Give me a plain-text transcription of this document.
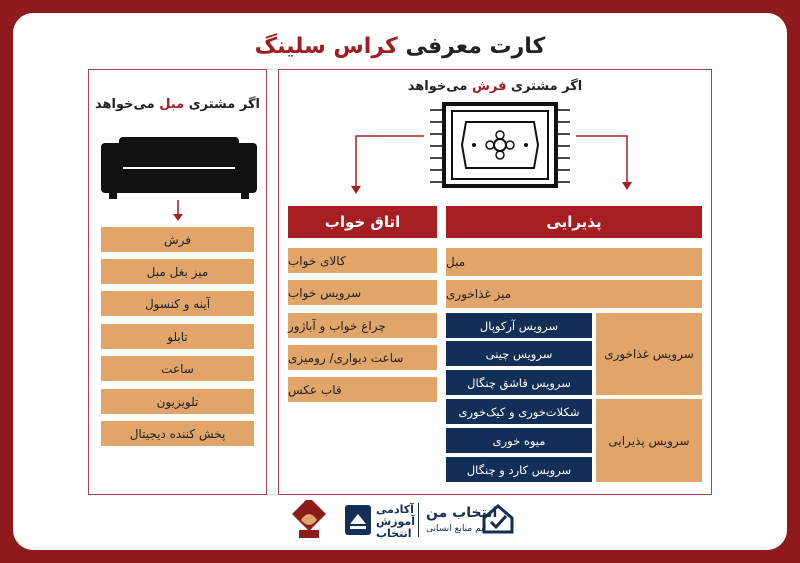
کارت معرفی کراس سلینگ
اگر مشتری مبل می‌خواهد
فرش
میز بغل مبل
آینه و کنسول
تابلو
ساعت
تلویزیون
پخش کننده دیجیتال
اگر مشتری فرش می‌خواهد
اتاق خواب
کالای خواب
سرویس خواب
چراغ خواب و آباژور
ساعت دیواری/ رومیزی
قاب عکس
پذیرایی
مبل
میز غذاخوری
سرویس آرکوپال
سرویس چینی
سرویس قاشق چنگال
سرویس غذاخوری
شکلات‌خوری و کیک‌خوری
میوه خوری
سرویس کارد و چنگال
سرویس پذیرایی
آکادمی
آموزش
انتخاب
انتخاب من
تیم منابع انسانی
